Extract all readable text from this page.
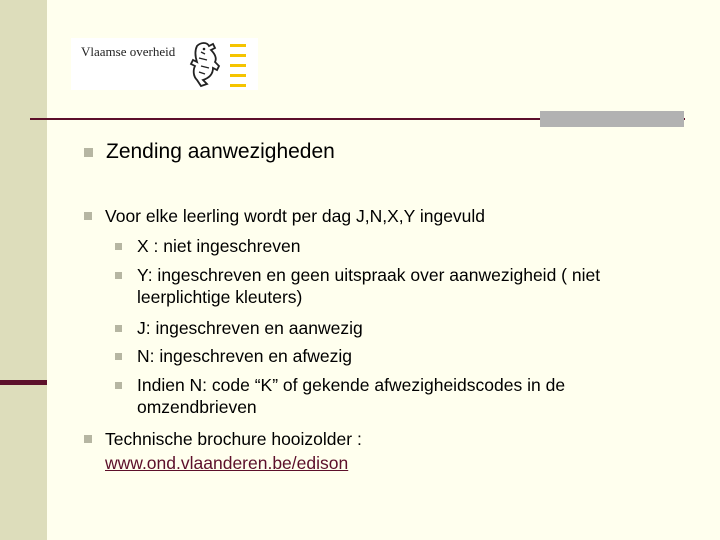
Vlaamse overheid
Zending aanwezigheden
Voor elke leerling wordt per dag J,N,X,Y ingevuld
X : niet ingeschreven
Y: ingeschreven en geen uitspraak over aanwezigheid ( niet
leerplichtige kleuters)
J: ingeschreven en aanwezig
N: ingeschreven en afwezig
Indien N: code “K” of gekende afwezigheidscodes in de
omzendbrieven
Technische brochure hooizolder :
www.ond.vlaanderen.be/edison
